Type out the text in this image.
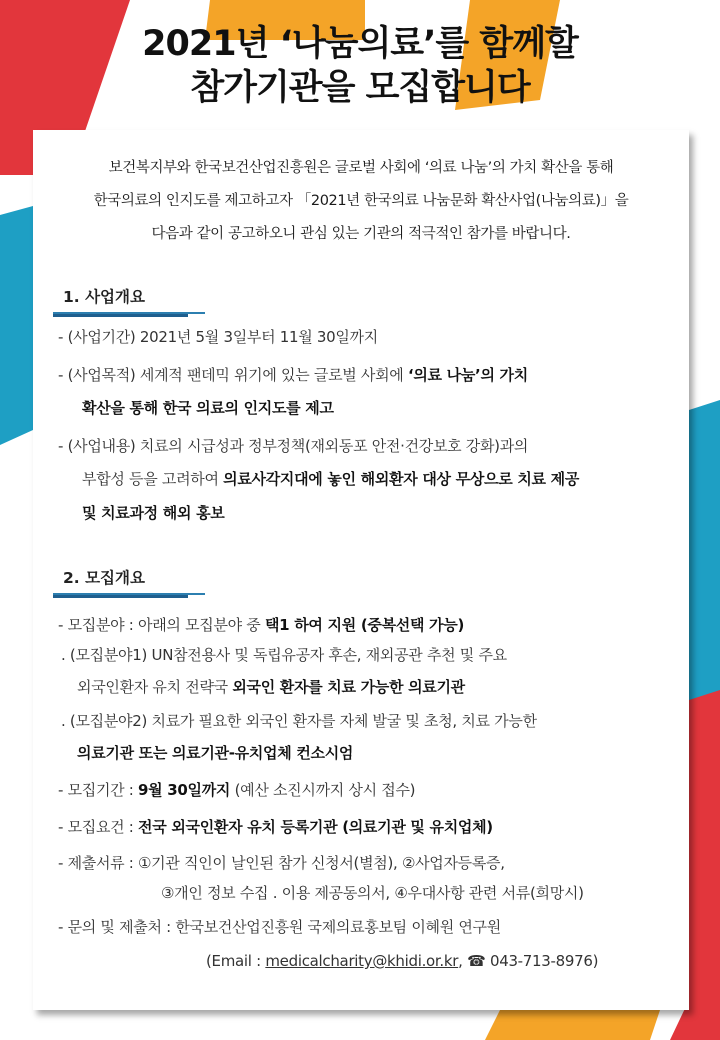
2021년 ‘나눔의료’를 함께할
참가기관을 모집합니다
보건복지부와 한국보건산업진흥원은 글로벌 사회에 ‘의료 나눔’의 가치 확산을 통해
한국의료의 인지도를 제고하고자 「2021년 한국의료 나눔문화 확산사업(나눔의료)」을
다음과 같이 공고하오니 관심 있는 기관의 적극적인 참가를 바랍니다.
1. 사업개요
- (사업기간) 2021년 5월 3일부터 11월 30일까지
- (사업목적) 세계적 팬데믹 위기에 있는 글로벌 사회에 ‘의료 나눔’의 가치
확산을 통해 한국 의료의 인지도를 제고
- (사업내용) 치료의 시급성과 정부정책(재외동포 안전·건강보호 강화)과의
부합성 등을 고려하여 의료사각지대에 놓인 해외환자 대상 무상으로 치료 제공
및 치료과정 해외 홍보
2. 모집개요
- 모집분야 : 아래의 모집분야 중 택1 하여 지원 (중복선택 가능)
. (모집분야1) UN참전용사 및 독립유공자 후손, 재외공관 추천 및 주요
외국인환자 유치 전략국 외국인 환자를 치료 가능한 의료기관
. (모집분야2) 치료가 필요한 외국인 환자를 자체 발굴 및 초청, 치료 가능한
의료기관 또는 의료기관-유치업체 컨소시엄
- 모집기간 : 9월 30일까지 (예산 소진시까지 상시 접수)
- 모집요건 : 전국 외국인환자 유치 등록기관 (의료기관 및 유치업체)
- 제출서류 : ①기관 직인이 날인된 참가 신청서(별첨), ②사업자등록증,
③개인 정보 수집 . 이용 제공동의서, ④우대사항 관련 서류(희망시)
- 문의 및 제출처 : 한국보건산업진흥원 국제의료홍보팀 이혜원 연구원
(Email : medicalcharity@khidi.or.kr, ☎ 043-713-8976)
